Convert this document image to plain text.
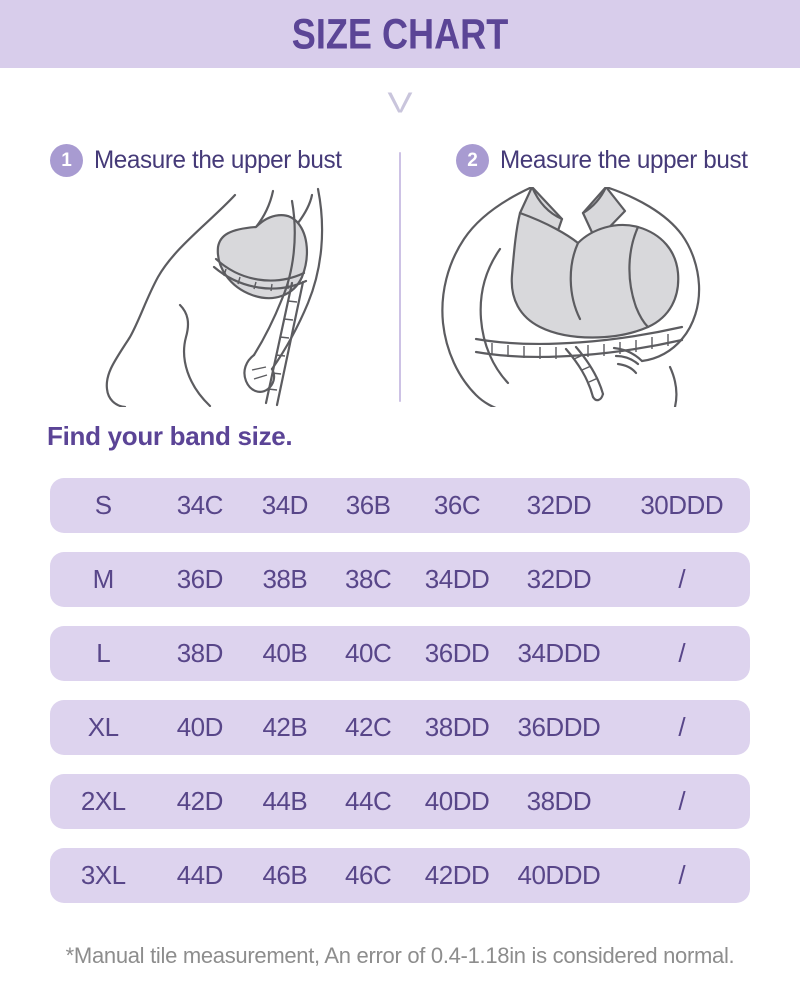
SIZE CHART
V
1 Measure the upper bust	2 Measure the upper bust
Find your band size.
S	34C	34D	36B	36C	32DD	30DDD
M	36D	38B	38C	34DD	32DD	/
L	38D	40B	40C	36DD	34DDD	/
XL	40D	42B	42C	38DD	36DDD	/
2XL	42D	44B	44C	40DD	38DD	/
3XL	44D	46B	46C	42DD	40DDD	/
*Manual tile measurement, An error of 0.4-1.18in is considered normal.
